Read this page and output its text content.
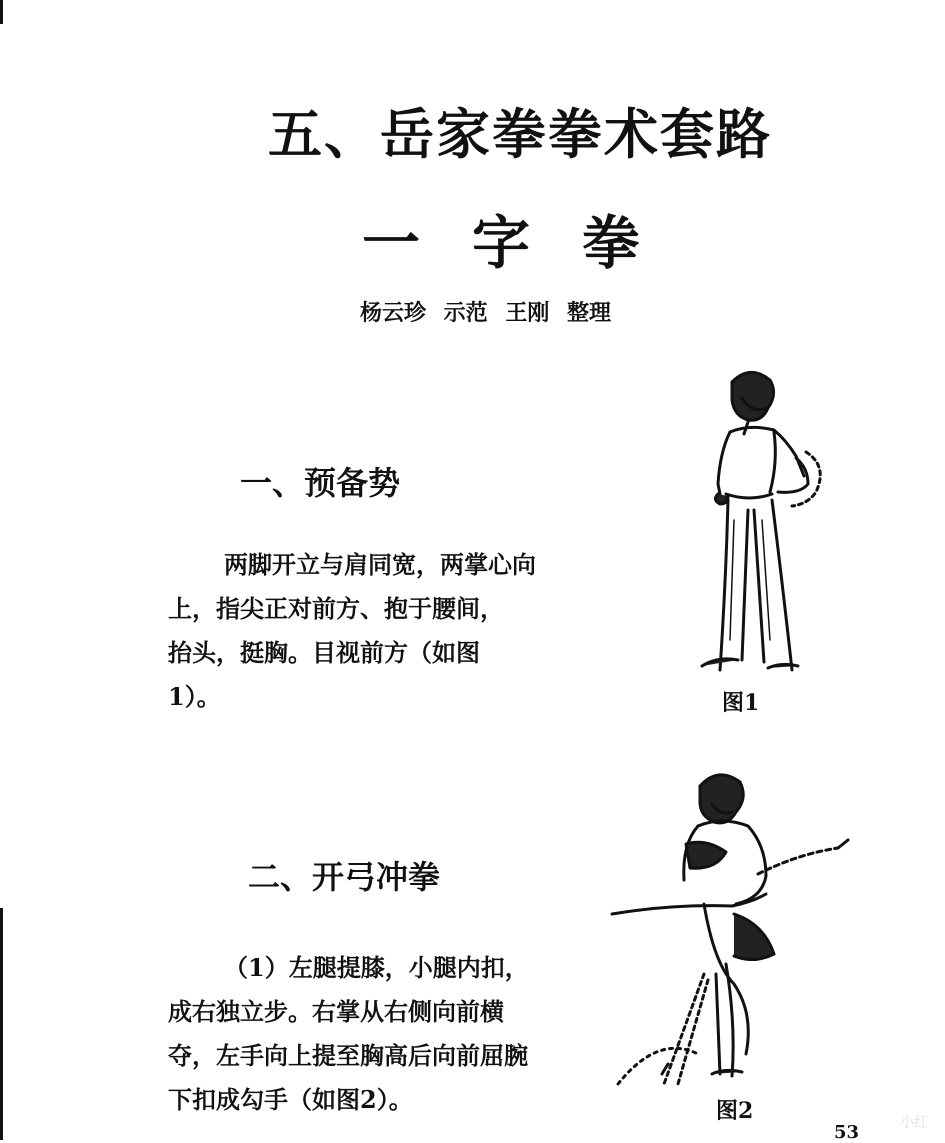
五、岳家拳拳术套路
一字拳
杨云珍 示范 王刚 整理
一、预备势
两脚开立与肩同宽，两掌心向
上，指尖正对前方、抱于腰间，
抬头，挺胸。目视前方（如图
1）。
二、开弓冲拳
（1）左腿提膝，小腿内扣，
成右独立步。右掌从右侧向前横
夺，左手向上提至胸高后向前屈腕
下扣成勾手（如图2）。
图1
图2
53	小红
